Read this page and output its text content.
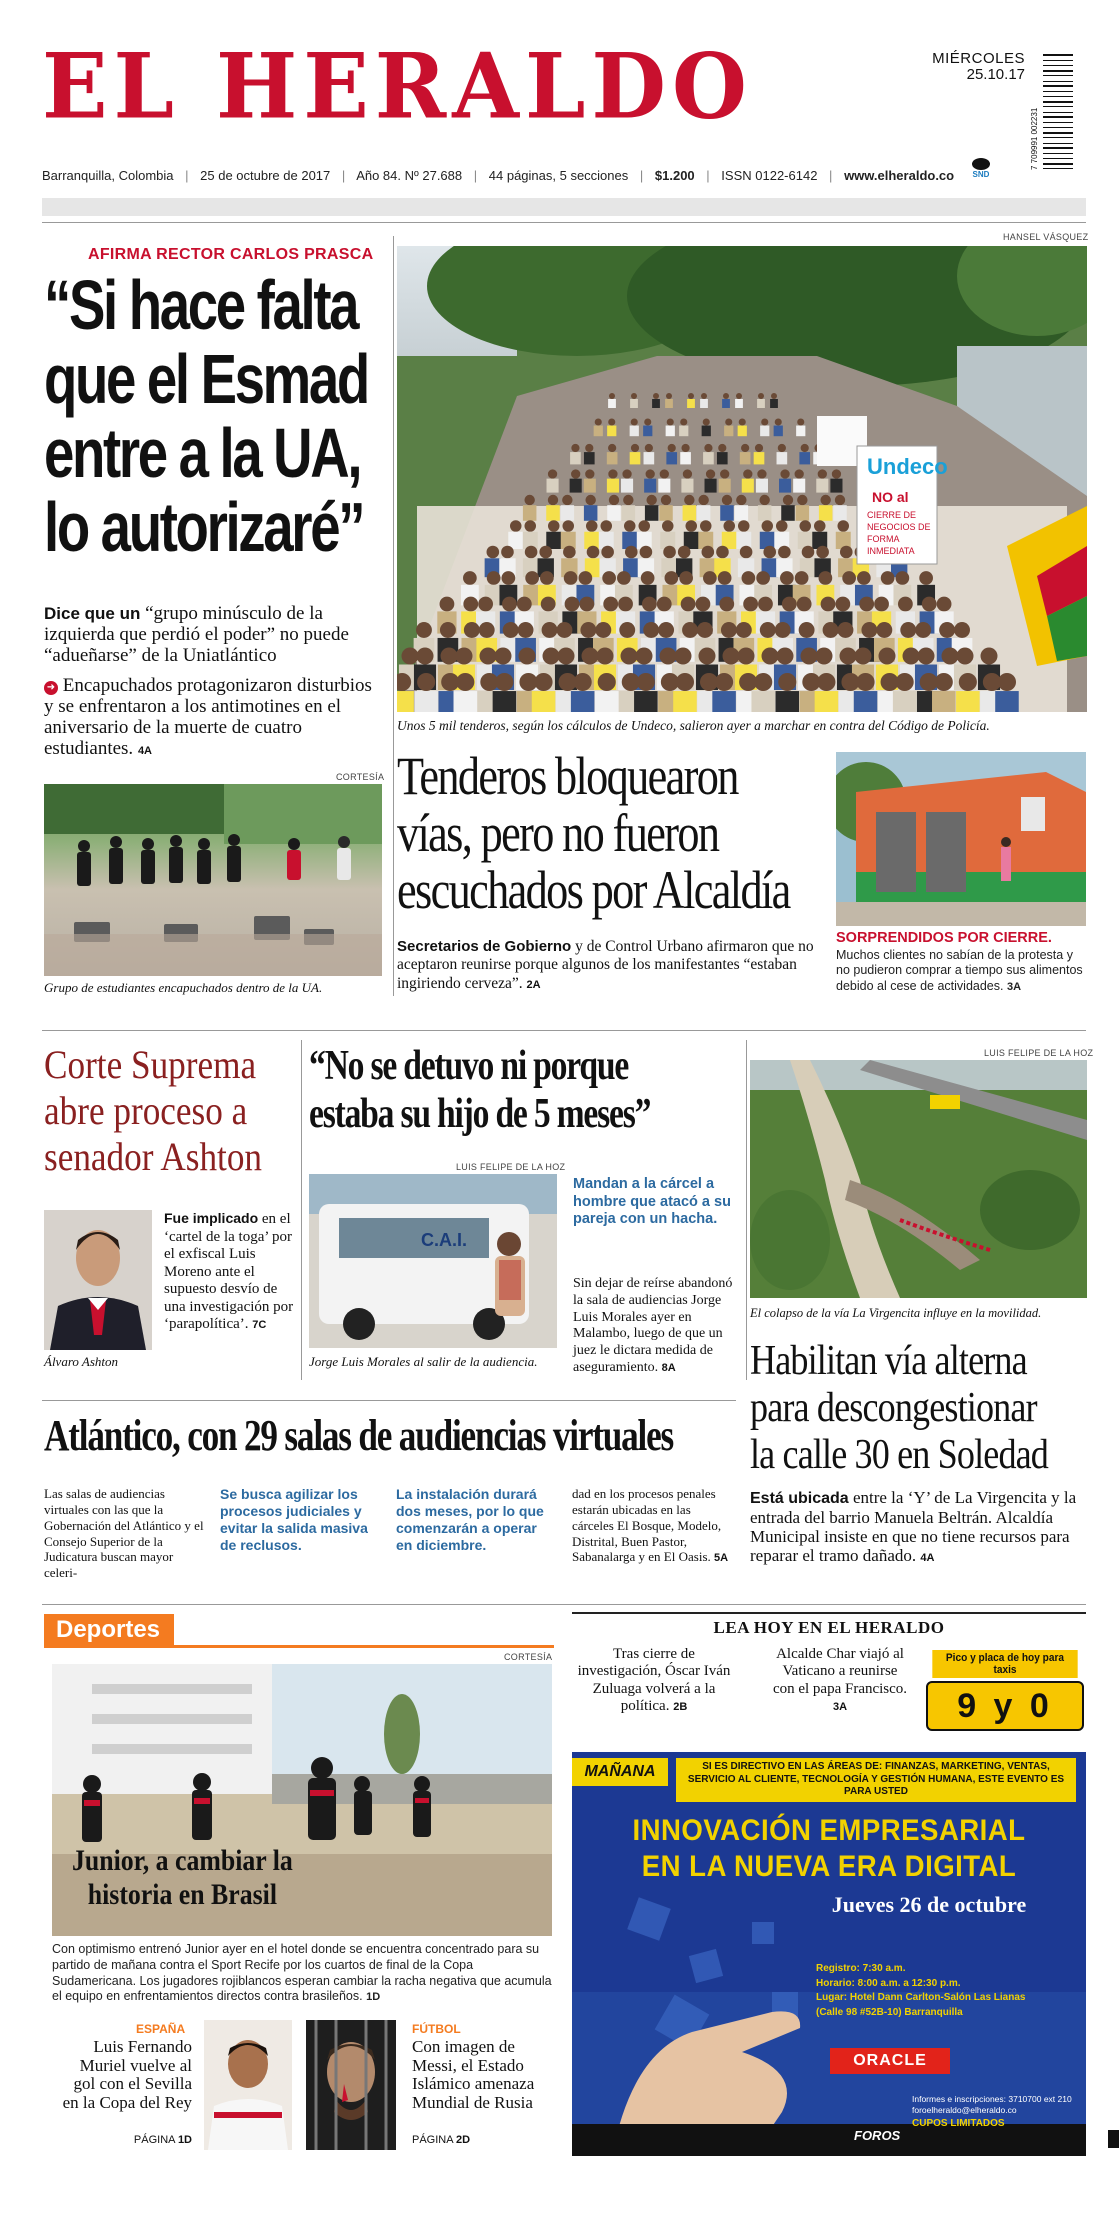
EL HERALDO	MIÉRCOLES
25.10.17
7 709991 002231
Barranquilla, Colombia | 25 de octubre de 2017 | Año 84. Nº 27.688 | 44 páginas, 5 secciones | $1.200 | ISSN 0122-6142 | www.elheraldo.co	SND
AFIRMA RECTOR CARLOS PRASCA
“Si hace falta
que el Esmad
entre a la UA,
lo autorizaré”
Dice que un “grupo minúsculo de la izquierda que perdió el poder” no puede “adueñarse” de la Uniatlántico
➜ Encapuchados protagonizaron disturbios y se enfrentaron a los antimotines en el aniversario de la muerte de cuatro estudiantes. 4A
CORTESÍA
Grupo de estudiantes encapuchados dentro de la UA.
HANSEL VÁSQUEZ
Undeco
NO al
CIERRE DE
NEGOCIOS DE
FORMA
INMEDIATA
Unos 5 mil tenderos, según los cálculos de Undeco, salieron ayer a marchar en contra del Código de Policía.
Tenderos bloquearon
vías, pero no fueron
escuchados por Alcaldía
Secretarios de Gobierno y de Control Urbano afirmaron que no aceptaron reunirse porque algunos de los manifestantes “estaban ingiriendo cerveza”. 2A
SORPRENDIDOS POR CIERRE.
Muchos clientes no sabían de la protesta y no pudieron comprar a tiempo sus alimentos debido al cese de actividades. 3A
Corte Suprema
abre proceso a
senador Ashton
Álvaro Ashton
Fue implicado en el ‘cartel de la toga’ por el exfiscal Luis Moreno ante el supuesto desvío de una investigación por ‘parapolítica’. 7C
“No se detuvo ni porque
estaba su hijo de 5 meses”
LUIS FELIPE DE LA HOZ
C.A.I.
Jorge Luis Morales al salir de la audiencia.
Mandan a la cárcel a hombre que atacó a su pareja con un hacha.
Sin dejar de reírse abandonó la sala de audiencias Jorge Luis Morales ayer en Malambo, luego de que un juez le dictara medida de aseguramiento. 8A
LUIS FELIPE DE LA HOZ
El colapso de la vía La Virgencita influye en la movilidad.
Habilitan vía alterna
para descongestionar
la calle 30 en Soledad
Está ubicada entre la ‘Y’ de La Virgencita y la entrada del barrio Manuela Beltrán. Alcaldía Municipal insiste en que no tiene recursos para reparar el tramo dañado. 4A
Atlántico, con 29 salas de audiencias virtuales
Las salas de audiencias virtuales con las que la Gobernación del Atlántico y el Consejo Superior de la Judicatura buscan mayor celeri-
Se busca agilizar los procesos judiciales y evitar la salida masiva de reclusos.
La instalación durará dos meses, por lo que comenzarán a operar en diciembre.
dad en los procesos penales estarán ubicadas en las cárceles El Bosque, Modelo, Distrital, Buen Pastor, Sabanalarga y en El Oasis. 5A
Deportes
CORTESÍA
Junior, a cambiar la
historia en Brasil
Con optimismo entrenó Junior ayer en el hotel donde se encuentra concentrado para su partido de mañana contra el Sport Recife por los cuartos de final de la Copa Sudamericana. Los jugadores rojiblancos esperan cambiar la racha negativa que acumula el equipo en enfrentamientos directos contra brasileños. 1D
ESPAÑA
Luis Fernando Muriel vuelve al gol con el Sevilla en la Copa del Rey
PÁGINA 1D
FÚTBOL
Con imagen de Messi, el Estado Islámico amenaza Mundial de Rusia
PÁGINA 2D
LEA HOY EN EL HERALDO
Tras cierre de investigación, Óscar Iván Zuluaga volverá a la política. 2B
Alcalde Char viajó al Vaticano a reunirse con el papa Francisco. 3A
Pico y placa de hoy para taxis
9 y 0
MAÑANA	SI ES DIRECTIVO EN LAS ÁREAS DE: FINANZAS, MARKETING, VENTAS, SERVICIO AL CLIENTE, TECNOLOGÍA Y GESTIÓN HUMANA, ESTE EVENTO ES PARA USTED
INNOVACIÓN EMPRESARIAL
EN LA NUEVA ERA DIGITAL
Jueves 26 de octubre
Registro: 7:30 a.m.
Horario: 8:00 a.m. a 12:30 p.m.
Lugar: Hotel Dann Carlton-Salón Las Lianas
(Calle 98 #52B-10) Barranquilla
ORACLE
FOROS
Informes e inscripciones: 3710700 ext 210
foroelheraldo@elheraldo.co
CUPOS LIMITADOS
